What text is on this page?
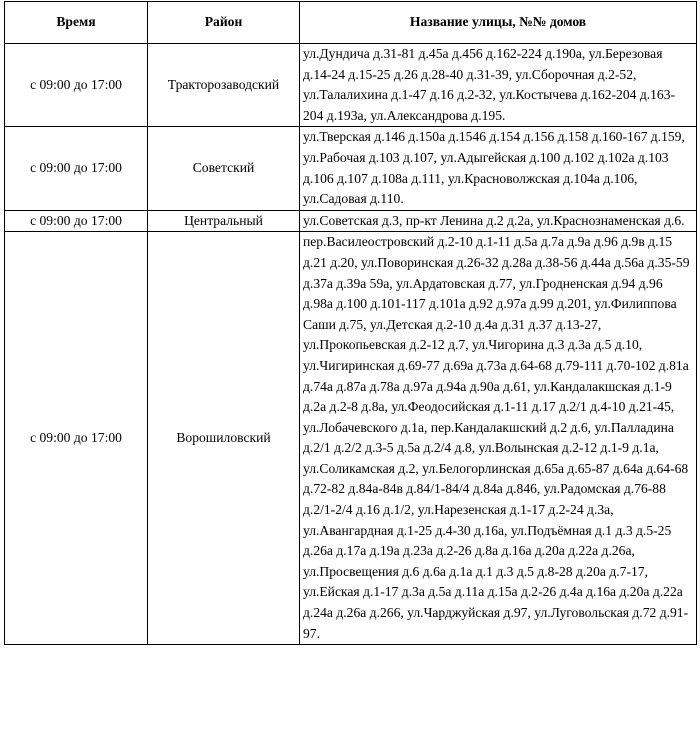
Время	Район	Название улицы, №№ домов
с 09:00 до 17:00	Тракторозаводский	ул.Дундича д.31-81 д.45а д.456 д.162-224 д.190а, ул.Березовая д.14-24 д.15-25 д.26 д.28-40 д.31-39, ул.Сборочная д.2-52, ул.Талалихина д.1-47 д.16 д.2-32, ул.Костычева д.162-204 д.163-204 д.193а, ул.Александрова д.195.
с 09:00 до 17:00	Советский	ул.Тверская д.146 д.150а д.1546 д.154 д.156 д.158 д.160-167 д.159, ул.Рабочая д.103 д.107, ул.Адыгейская д.100 д.102 д.102а д.103 д.106 д.107 д.108а д.111, ул.Красноволжская д.104а д.106, ул.Садовая д.110.
с 09:00 до 17:00	Центральный	ул.Советская д.3, пр-кт Ленина д.2 д.2а, ул.Краснознаменская д.6.
с 09:00 до 17:00	Ворошиловский	пер.Василеостровский д.2-10 д.1-11 д.5а д.7а д.9а д.96 д.9в д.15 д.21 д.20, ул.Поворинская д.26-32 д.28а д.38-56 д.44а д.56а д.35-59 д.37а д.39а 59а, ул.Ардатовская д.77, ул.Гродненская д.94 д.96 д.98а д.100 д.101-117 д.101а д.92 д.97а д.99 д.201, ул.Филиппова Саши д.75, ул.Детская д.2-10 д.4а д.31 д.37 д.13-27, ул.Прокопьевская д.2-12 д.7, ул.Чигорина д.3 д.3а д.5 д.10, ул.Чигиринская д.69-77 д.69а д.73а д.64-68 д.79-111 д.70-102 д.81а д.74а д.87а д.78а д.97а д.94а д.90а д.61, ул.Кандалакшская д.1-9 д.2а д.2-8 д.8а, ул.Феодосийская д.1-11 д.17 д.2/1 д.4-10 д.21-45, ул.Лобачевского д.1а, пер.Кандалакшский д.2 д.6, ул.Палладина д.2/1 д.2/2 д.3-5 д.5а д.2/4 д.8, ул.Волынская д.2-12 д.1-9 д.1а, ул.Соликамская д.2, ул.Белогорлинская д.65а д.65-87 д.64а д.64-68 д.72-82 д.84а-84в д.84/1-84/4 д.84а д.846, ул.Радомская д.76-88 д.2/1-2/4 д.16 д.1/2, ул.Нарезенская д.1-17 д.2-24 д.3а, ул.Авангардная д.1-25 д.4-30 д.16а, ул.Подъёмная д.1 д.3 д.5-25 д.26а д.17а д.19а д.23а д.2-26 д.8а д.16а д.20а д.22а д.26а, ул.Просвещения д.6 д.6а д.1а д.1 д.3 д.5 д.8-28 д.20а д.7-17, ул.Ейская д.1-17 д.3а д.5а д.11а д.15а д.2-26 д.4а д.16а д.20а д.22а д.24а д.26а д.266, ул.Чарджуйская д.97, ул.Луговольская д.72 д.91-97.
